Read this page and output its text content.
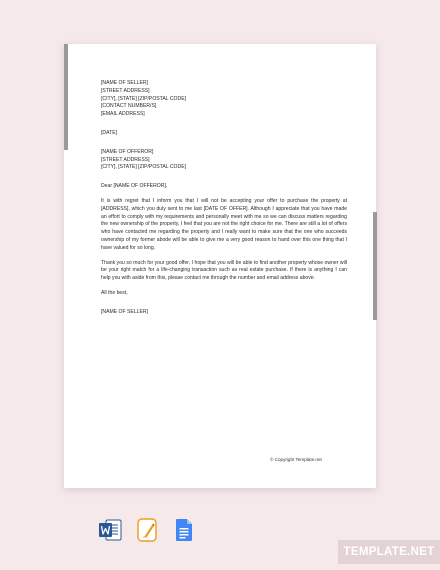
[NAME OF SELLER]
[STREET ADDRESS]
[CITY], [STATE] [ZIP/POSTAL CODE]
[CONTACT NUMBER/S]
[EMAIL ADDRESS]
[DATE]
[NAME OF OFFEROR]
[STREET ADDRESS]
[CITY], [STATE] [ZIP/POSTAL CODE]
Dear [NAME OF OFFEROR],

It is with regret that I inform you that I will not be accepting your offer to purchase the property at [ADDRESS], which you duly sent to me last [DATE OF OFFER]. Although I appreciate that you have made an effort to comply with my requirements and personally meet with me so we can discuss matters regarding the new ownership of the property, I feel that you are not the right choice for me. There are still a lot of offers who have contacted me regarding the property and I really want to make sure that the one who succeeds ownership of my former abode will be able to give me a very good reason to hand over this one thing that I have valued for so long.

Thank you so much for your good offer. I hope that you will be able to find another property whose owner will be your right match for a life-changing transaction such as real estate purchase. If there is anything I can help you with aside from this, please contact me through the number and email address above.

All the best,
[NAME OF SELLER]
© Copyright Template.net
TEMPLATE.NET
